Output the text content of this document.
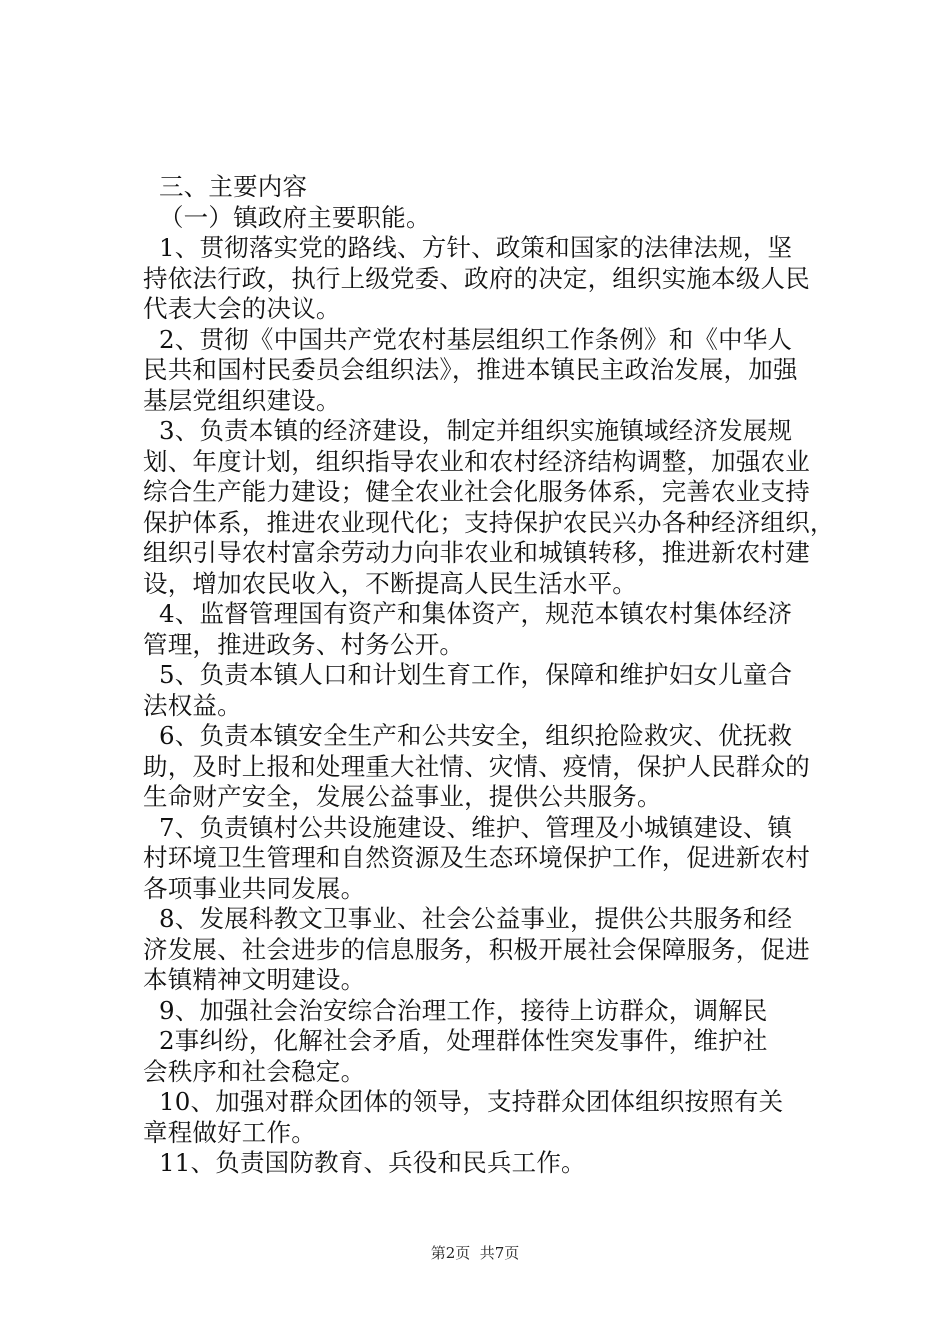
三、主要内容
（一）镇政府主要职能。
1、贯彻落实党的路线、方针、政策和国家的法律法规，坚
持依法行政，执行上级党委、政府的决定，组织实施本级人民
代表大会的决议。
2、贯彻《中国共产党农村基层组织工作条例》和《中华人
民共和国村民委员会组织法》，推进本镇民主政治发展，加强
基层党组织建设。
3、负责本镇的经济建设，制定并组织实施镇域经济发展规
划、年度计划，组织指导农业和农村经济结构调整，加强农业
综合生产能力建设；健全农业社会化服务体系，完善农业支持
保护体系，推进农业现代化；支持保护农民兴办各种经济组织，
组织引导农村富余劳动力向非农业和城镇转移，推进新农村建
设，增加农民收入，不断提高人民生活水平。
4、监督管理国有资产和集体资产，规范本镇农村集体经济
管理，推进政务、村务公开。
5、负责本镇人口和计划生育工作，保障和维护妇女儿童合
法权益。
6、负责本镇安全生产和公共安全，组织抢险救灾、优抚救
助，及时上报和处理重大社情、灾情、疫情，保护人民群众的
生命财产安全，发展公益事业，提供公共服务。
7、负责镇村公共设施建设、维护、管理及小城镇建设、镇
村环境卫生管理和自然资源及生态环境保护工作，促进新农村
各项事业共同发展。
8、发展科教文卫事业、社会公益事业，提供公共服务和经
济发展、社会进步的信息服务，积极开展社会保障服务，促进
本镇精神文明建设。
9、加强社会治安综合治理工作，接待上访群众，调解民
2事纠纷，化解社会矛盾，处理群体性突发事件，维护社
会秩序和社会稳定。
10、加强对群众团体的领导，支持群众团体组织按照有关
章程做好工作。
11、负责国防教育、兵役和民兵工作。
第2页  共7页
